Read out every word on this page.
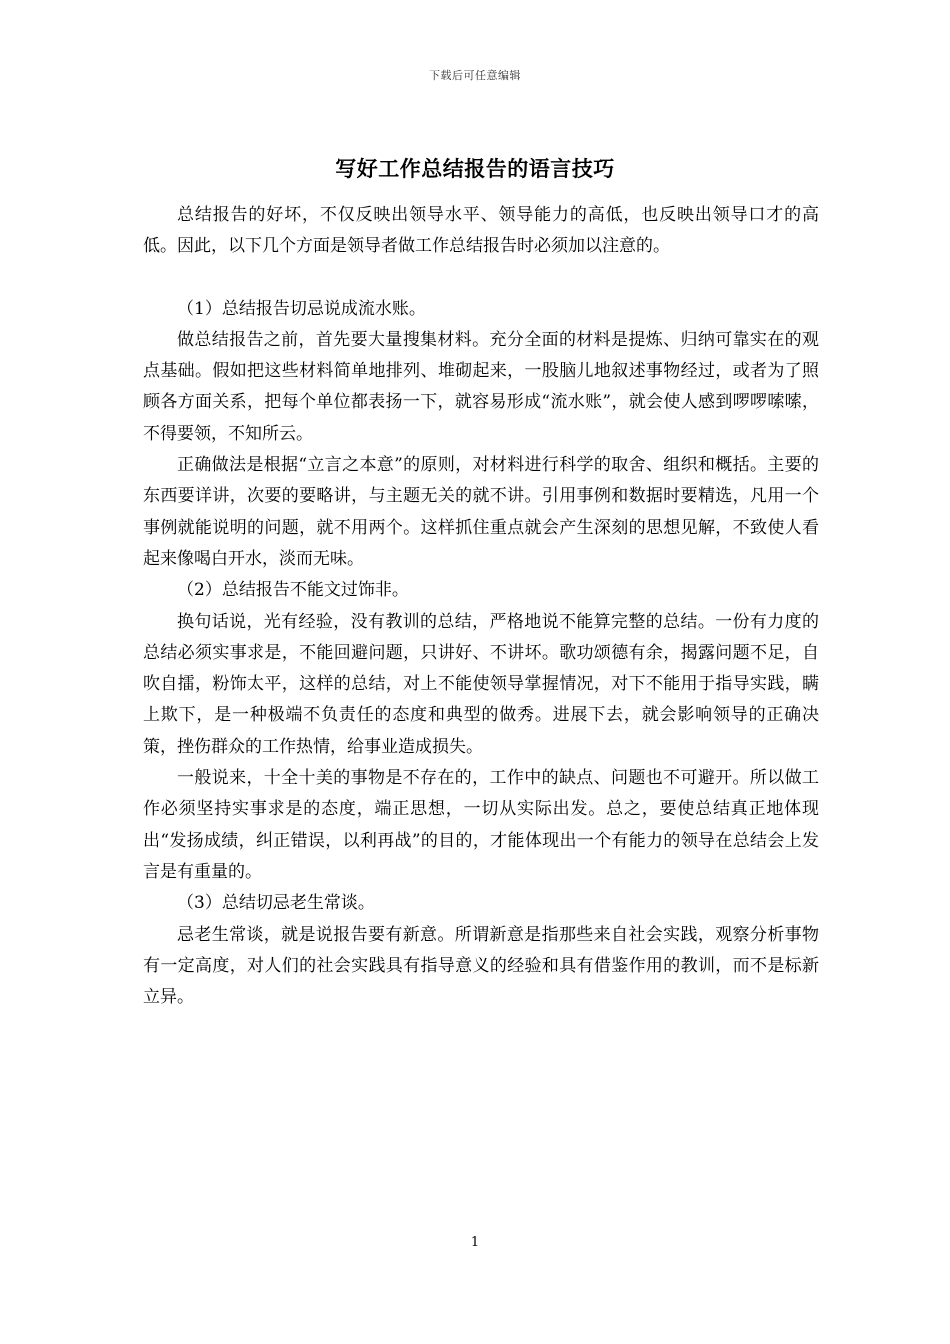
下载后可任意编辑
写好工作总结报告的语言技巧

总结报告的好坏，不仅反映出领导水平、领导能力的高低，也反映出领导口才的高低。因此，以下几个方面是领导者做工作总结报告时必须加以注意的。

（1）总结报告切忌说成流水账。

做总结报告之前，首先要大量搜集材料。充分全面的材料是提炼、归纳可靠实在的观点基础。假如把这些材料简单地排列、堆砌起来，一股脑儿地叙述事物经过，或者为了照顾各方面关系，把每个单位都表扬一下，就容易形成“流水账”，就会使人感到啰啰嗦嗦，不得要领，不知所云。

正确做法是根据“立言之本意”的原则，对材料进行科学的取舍、组织和概括。主要的东西要详讲，次要的要略讲，与主题无关的就不讲。引用事例和数据时要精选，凡用一个事例就能说明的问题，就不用两个。这样抓住重点就会产生深刻的思想见解，不致使人看起来像喝白开水，淡而无味。

（2）总结报告不能文过饰非。

换句话说，光有经验，没有教训的总结，严格地说不能算完整的总结。一份有力度的总结必须实事求是，不能回避问题，只讲好、不讲坏。歌功颂德有余，揭露问题不足，自吹自擂，粉饰太平，这样的总结，对上不能使领导掌握情况，对下不能用于指导实践，瞒上欺下，是一种极端不负责任的态度和典型的做秀。进展下去，就会影响领导的正确决策，挫伤群众的工作热情，给事业造成损失。

一般说来，十全十美的事物是不存在的，工作中的缺点、问题也不可避开。所以做工作必须坚持实事求是的态度，端正思想，一切从实际出发。总之，要使总结真正地体现出“发扬成绩，纠正错误，以利再战”的目的，才能体现出一个有能力的领导在总结会上发言是有重量的。

（3）总结切忌老生常谈。

忌老生常谈，就是说报告要有新意。所谓新意是指那些来自社会实践，观察分析事物有一定高度，对人们的社会实践具有指导意义的经验和具有借鉴作用的教训，而不是标新立异。

1
